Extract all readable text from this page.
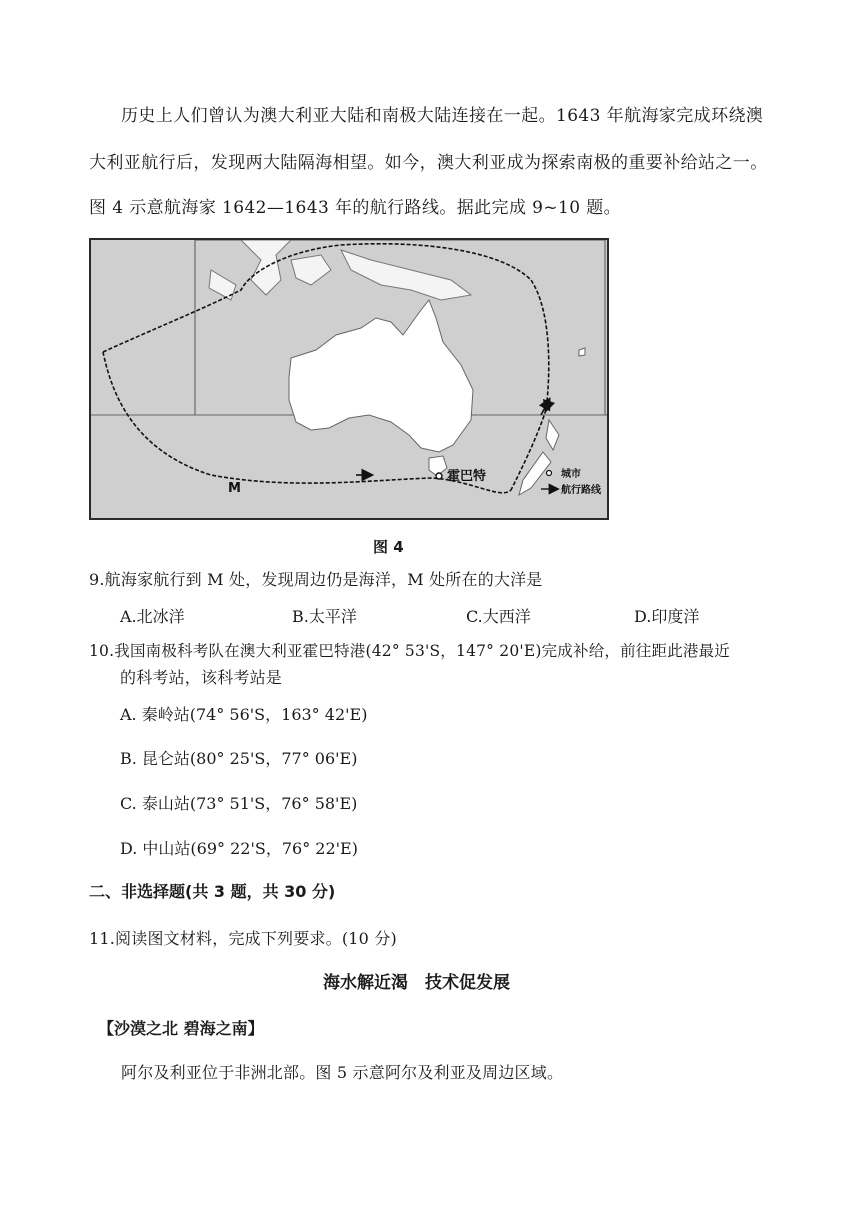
历史上人们曾认为澳大利亚大陆和南极大陆连接在一起。1643 年航海家完成环绕澳
大利亚航行后，发现两大陆隔海相望。如今，澳大利亚成为探索南极的重要补给站之一。
图 4 示意航海家 1642—1643 年的航行路线。据此完成 9~10 题。
M
霍巴特	城市
航行路线
图 4
9.航海家航行到 M 处，发现周边仍是海洋，M 处所在的大洋是
A.北冰洋	B.太平洋	C.大西洋	D.印度洋
10.我国南极科考队在澳大利亚霍巴特港(42° 53'S，147° 20'E)完成补给，前往距此港最近
的科考站，该科考站是
A. 秦岭站(74° 56'S，163° 42'E)
B. 昆仑站(80° 25'S，77° 06'E)
C. 泰山站(73° 51'S，76° 58'E)
D. 中山站(69° 22'S，76° 22'E)
二、非选择题(共 3 题，共 30 分)
11.阅读图文材料，完成下列要求。(10 分)
海水解近渴　技术促发展
【沙漠之北 碧海之南】
阿尔及利亚位于非洲北部。图 5 示意阿尔及利亚及周边区域。
